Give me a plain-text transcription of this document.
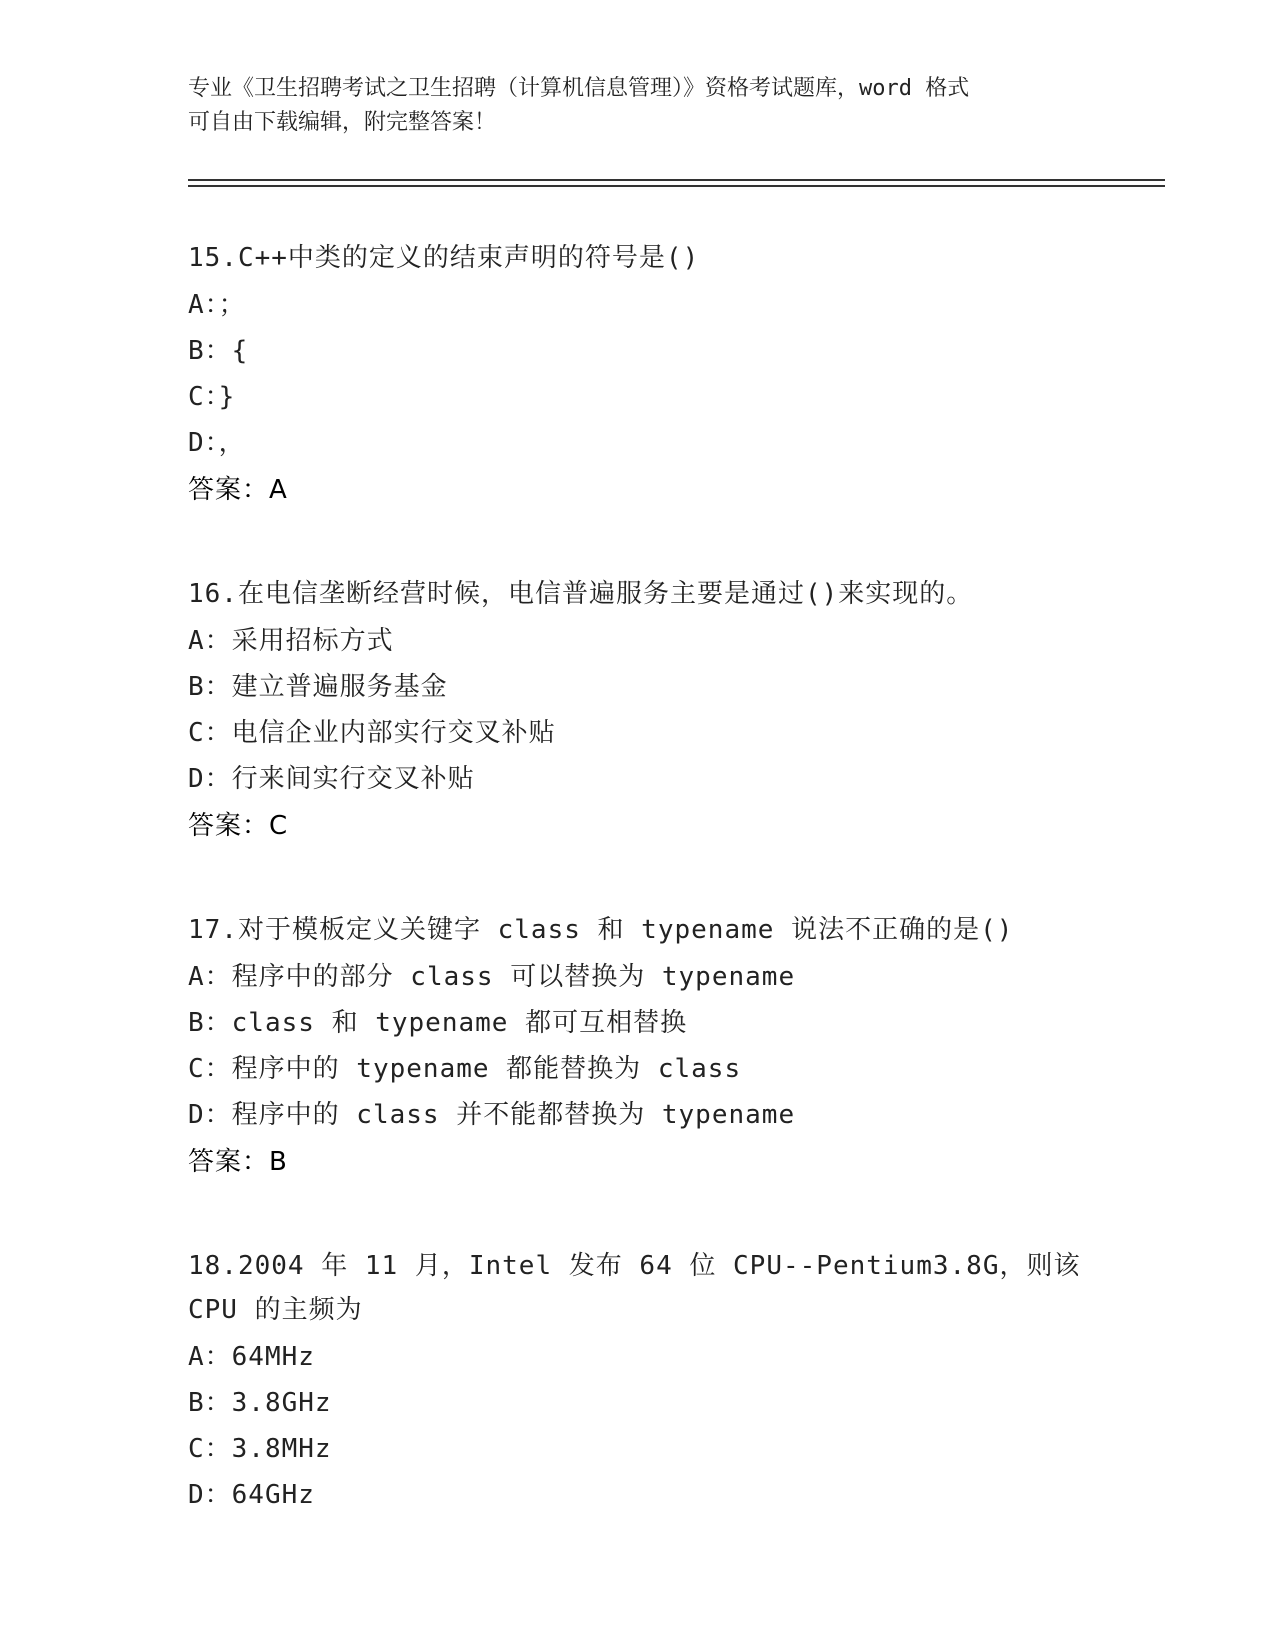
专业《卫生招聘考试之卫生招聘（计算机信息管理）》资格考试题库，word 格式
可自由下载编辑，附完整答案！
15.C++中类的定义的结束声明的符号是()
A：；
B：{
C：}
D：，
答案：A
16.在电信垄断经营时候，电信普遍服务主要是通过()来实现的。
A：采用招标方式
B：建立普遍服务基金
C：电信企业内部实行交叉补贴
D：行来间实行交叉补贴
答案：C
17.对于模板定义关键字 class 和 typename 说法不正确的是()
A：程序中的部分 class 可以替换为 typename
B：class 和 typename 都可互相替换
C：程序中的 typename 都能替换为 class
D：程序中的 class 并不能都替换为 typename
答案：B
18.2004 年 11 月，Intel 发布 64 位 CPU--Pentium3.8G，则该 CPU 的主频为
A：64MHz
B：3.8GHz
C：3.8MHz
D：64GHz
